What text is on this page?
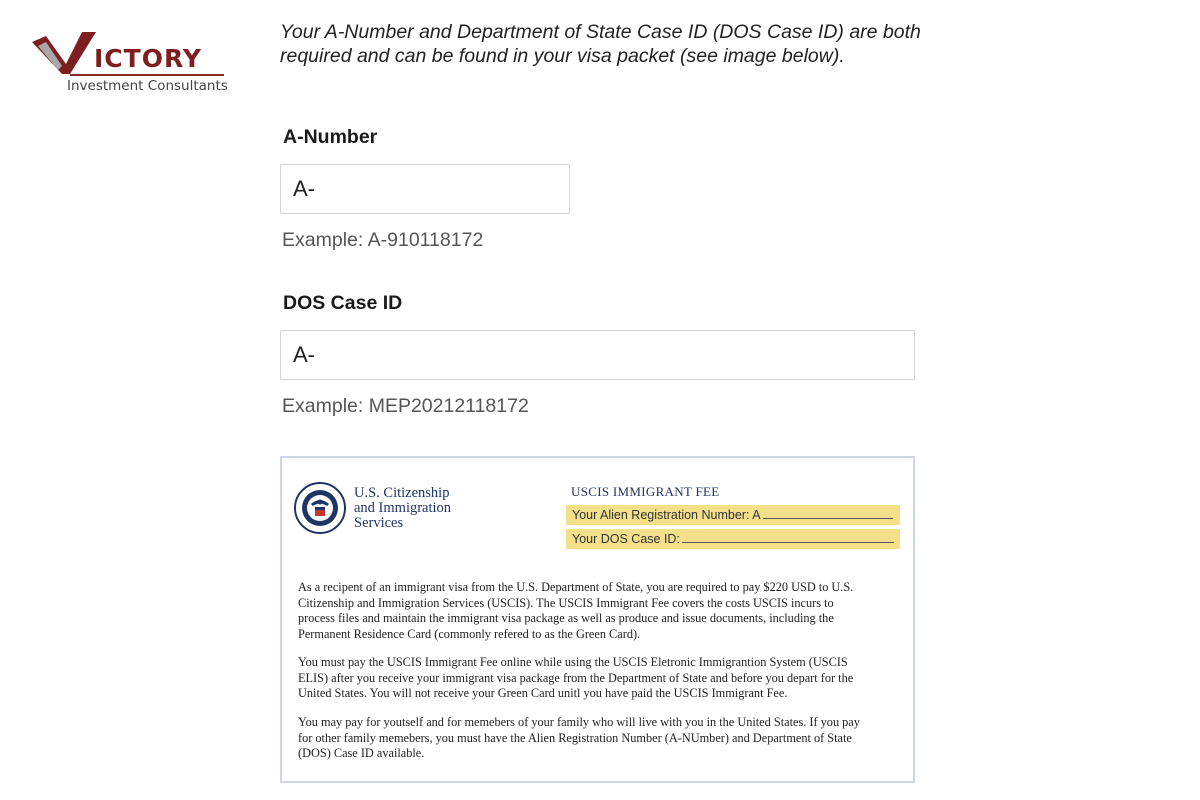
ICTORY
Investment Consultants

Your A-Number and Department of State Case ID (DOS Case ID) are both required and can be found in your visa packet (see image below).

A-Number
A-
Example: A-910118172
DOS Case ID
A-
Example: MEP20212118172
U.S. Citizenship
and Immigration
Services
USCIS IMMIGRANT FEE
Your Alien Registration Number: A
Your DOS Case ID:

As a recipent of an immigrant visa from the U.S. Department of State, you are required to pay $220 USD to U.S. Citizenship and Immigration Services (USCIS). The USCIS Immigrant Fee covers the costs USCIS incurs to process files and maintain the immigrant visa package as well as produce and issue documents, including the Permanent Residence Card (commonly refered to as the Green Card).

You must pay the USCIS Immigrant Fee online while using the USCIS Eletronic Immigrantion System (USCIS ELIS) after you receive your immigrant visa package from the Department of State and before you depart for the United States. You will not receive your Green Card unitl you have paid the USCIS Immigrant Fee.

You may pay for youtself and for memebers of your family who will live with you in the United States. If you pay for other family memebers, you must have the Alien Registration Number (A-NUmber) and Department of State (DOS) Case ID available.
